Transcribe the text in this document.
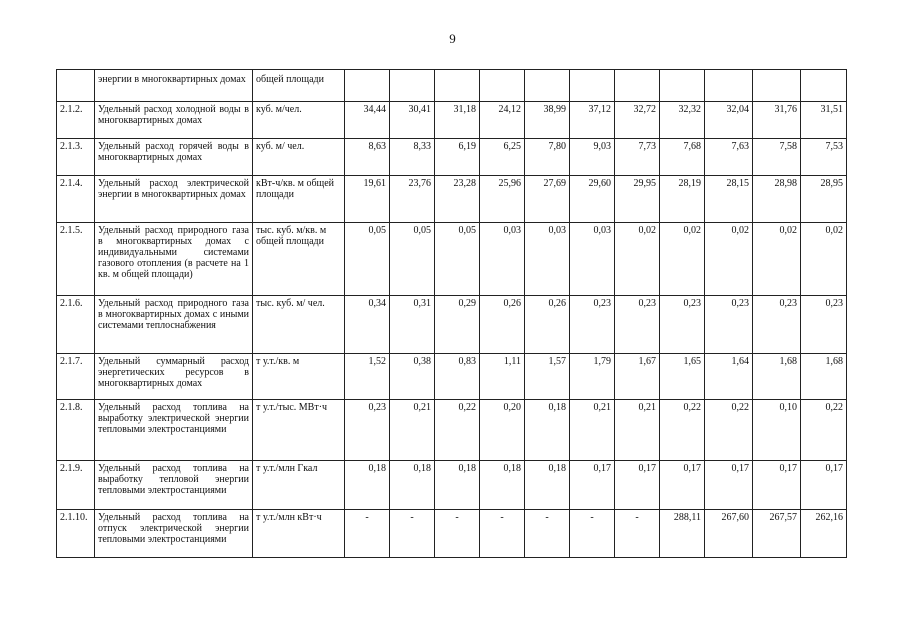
9
	энергии в многоквартирных домах	общей площади											
2.1.2.	Удельный расход холодной воды в многоквартирных домах	куб. м/чел.	34,44	30,41	31,18	24,12	38,99	37,12	32,72	32,32	32,04	31,76	31,51
2.1.3.	Удельный расход горячей воды в многоквартирных домах	куб. м/ чел.	8,63	8,33	6,19	6,25	7,80	9,03	7,73	7,68	7,63	7,58	7,53
2.1.4.	Удельный расход электрической энергии в многоквартирных домах	кВт-ч/кв. м общей площади	19,61	23,76	23,28	25,96	27,69	29,60	29,95	28,19	28,15	28,98	28,95
2.1.5.	Удельный расход природного газа в многоквартирных домах с индивидуальными системами газового отопления (в расчете на 1 кв. м общей площади)	тыс. куб. м/кв. м общей площади	0,05	0,05	0,05	0,03	0,03	0,03	0,02	0,02	0,02	0,02	0,02
2.1.6.	Удельный расход природного газа в многоквартирных домах с иными системами теплоснабжения	тыс. куб. м/ чел.	0,34	0,31	0,29	0,26	0,26	0,23	0,23	0,23	0,23	0,23	0,23
2.1.7.	Удельный суммарный расход энергетических ресурсов в многоквартирных домах	т у.т./кв. м	1,52	0,38	0,83	1,11	1,57	1,79	1,67	1,65	1,64	1,68	1,68
2.1.8.	Удельный расход топлива на выработку электрической энергии тепловыми электростанциями	т у.т./тыс. МВт·ч	0,23	0,21	0,22	0,20	0,18	0,21	0,21	0,22	0,22	0,10	0,22
2.1.9.	Удельный расход топлива на выработку тепловой энергии тепловыми электростанциями	т у.т./млн Гкал	0,18	0,18	0,18	0,18	0,18	0,17	0,17	0,17	0,17	0,17	0,17
2.1.10.	Удельный расход топлива на отпуск электрической энергии тепловыми электростанциями	т у.т./млн кВт·ч	-	-	-	-	-	-	-	288,11	267,60	267,57	262,16
